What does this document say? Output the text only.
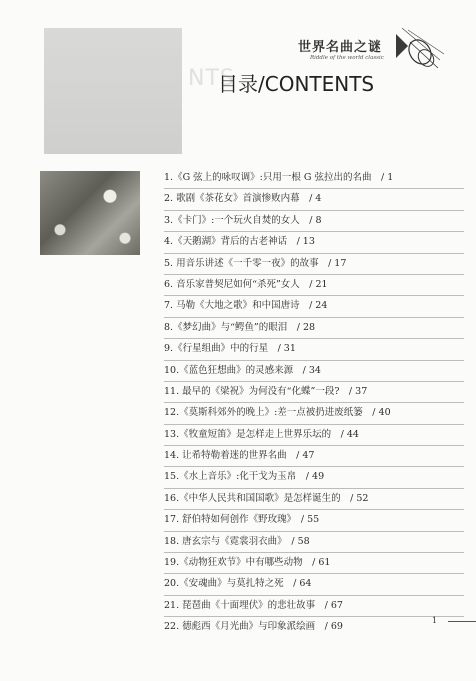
NTS
世界名曲之谜
Riddle of the world classic
目录/CONTENTS
1.《G 弦上的咏叹调》:只用一根 G 弦拉出的名曲　/ 1
2. 歌剧《茶花女》首演惨败内幕　/ 4
3.《卡门》:一个玩火自焚的女人　/ 8
4.《天鹅湖》背后的古老神话　/ 13
5. 用音乐讲述《一千零一夜》的故事　/ 17
6. 音乐家普契尼如何“杀死”女人　/ 21
7. 马勒《大地之歌》和中国唐诗　/ 24
8.《梦幻曲》与“鳄鱼”的眼泪　/ 28
9.《行星组曲》中的行星　/ 31
10.《蓝色狂想曲》的灵感来源　/ 34
11. 最早的《梁祝》为何没有“化蝶”一段?　/ 37
12.《莫斯科郊外的晚上》:差一点被扔进废纸篓　/ 40
13.《牧童短笛》是怎样走上世界乐坛的　/ 44
14. 让希特勒着迷的世界名曲　/ 47
15.《水上音乐》:化干戈为玉帛　/ 49
16.《中华人民共和国国歌》是怎样诞生的　/ 52
17. 舒伯特如何创作《野玫瑰》　/ 55
18. 唐玄宗与《霓裳羽衣曲》　/ 58
19.《动物狂欢节》中有哪些动物　/ 61
20.《安魂曲》与莫扎特之死　/ 64
21. 琵琶曲《十面埋伏》的悲壮故事　/ 67
22. 德彪西《月光曲》与印象派绘画　/ 69
1
